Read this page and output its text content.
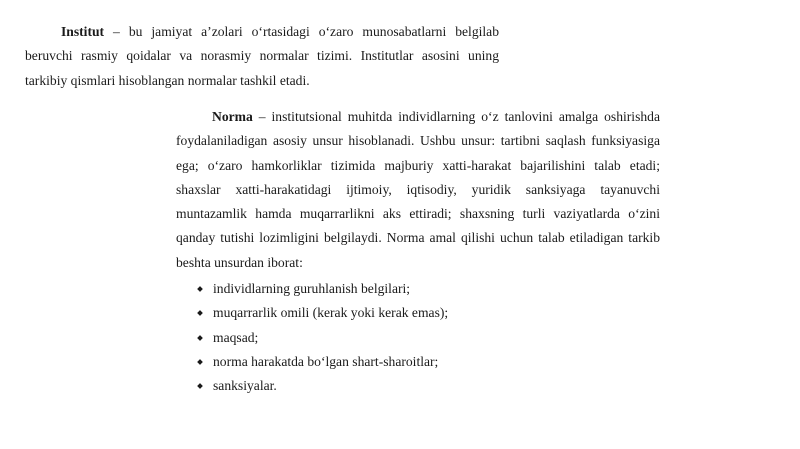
Institut – bu jamiyat a’zolari o‘rtasidagi o‘zaro munosabatlarni belgilab beruvchi rasmiy qoidalar va norasmiy normalar tizimi. Institutlar asosini uning tarkibiy qismlari hisoblangan normalar tashkil etadi.

Norma – institutsional muhitda individlarning o‘z tanlovini amalga oshirishda foydalaniladigan asosiy unsur hisoblanadi. Ushbu unsur: tartibni saqlash funksiyasiga ega; o‘zaro hamkorliklar tizimida majburiy xatti-harakat bajarilishini talab etadi; shaxslar xatti-harakatidagi ijtimoiy, iqtisodiy, yuridik sanksiyaga tayanuvchi muntazamlik hamda muqarrarlikni aks ettiradi; shaxsning turli vaziyatlarda o‘zini qanday tutishi lozimligini belgilaydi. Norma amal qilishi uchun talab etiladigan tarkib beshta unsurdan iborat:

individlarning guruhlanish belgilari;
muqarrarlik omili (kerak yoki kerak emas);
maqsad;
norma harakatda bo‘lgan shart-sharoitlar;
sanksiyalar.
